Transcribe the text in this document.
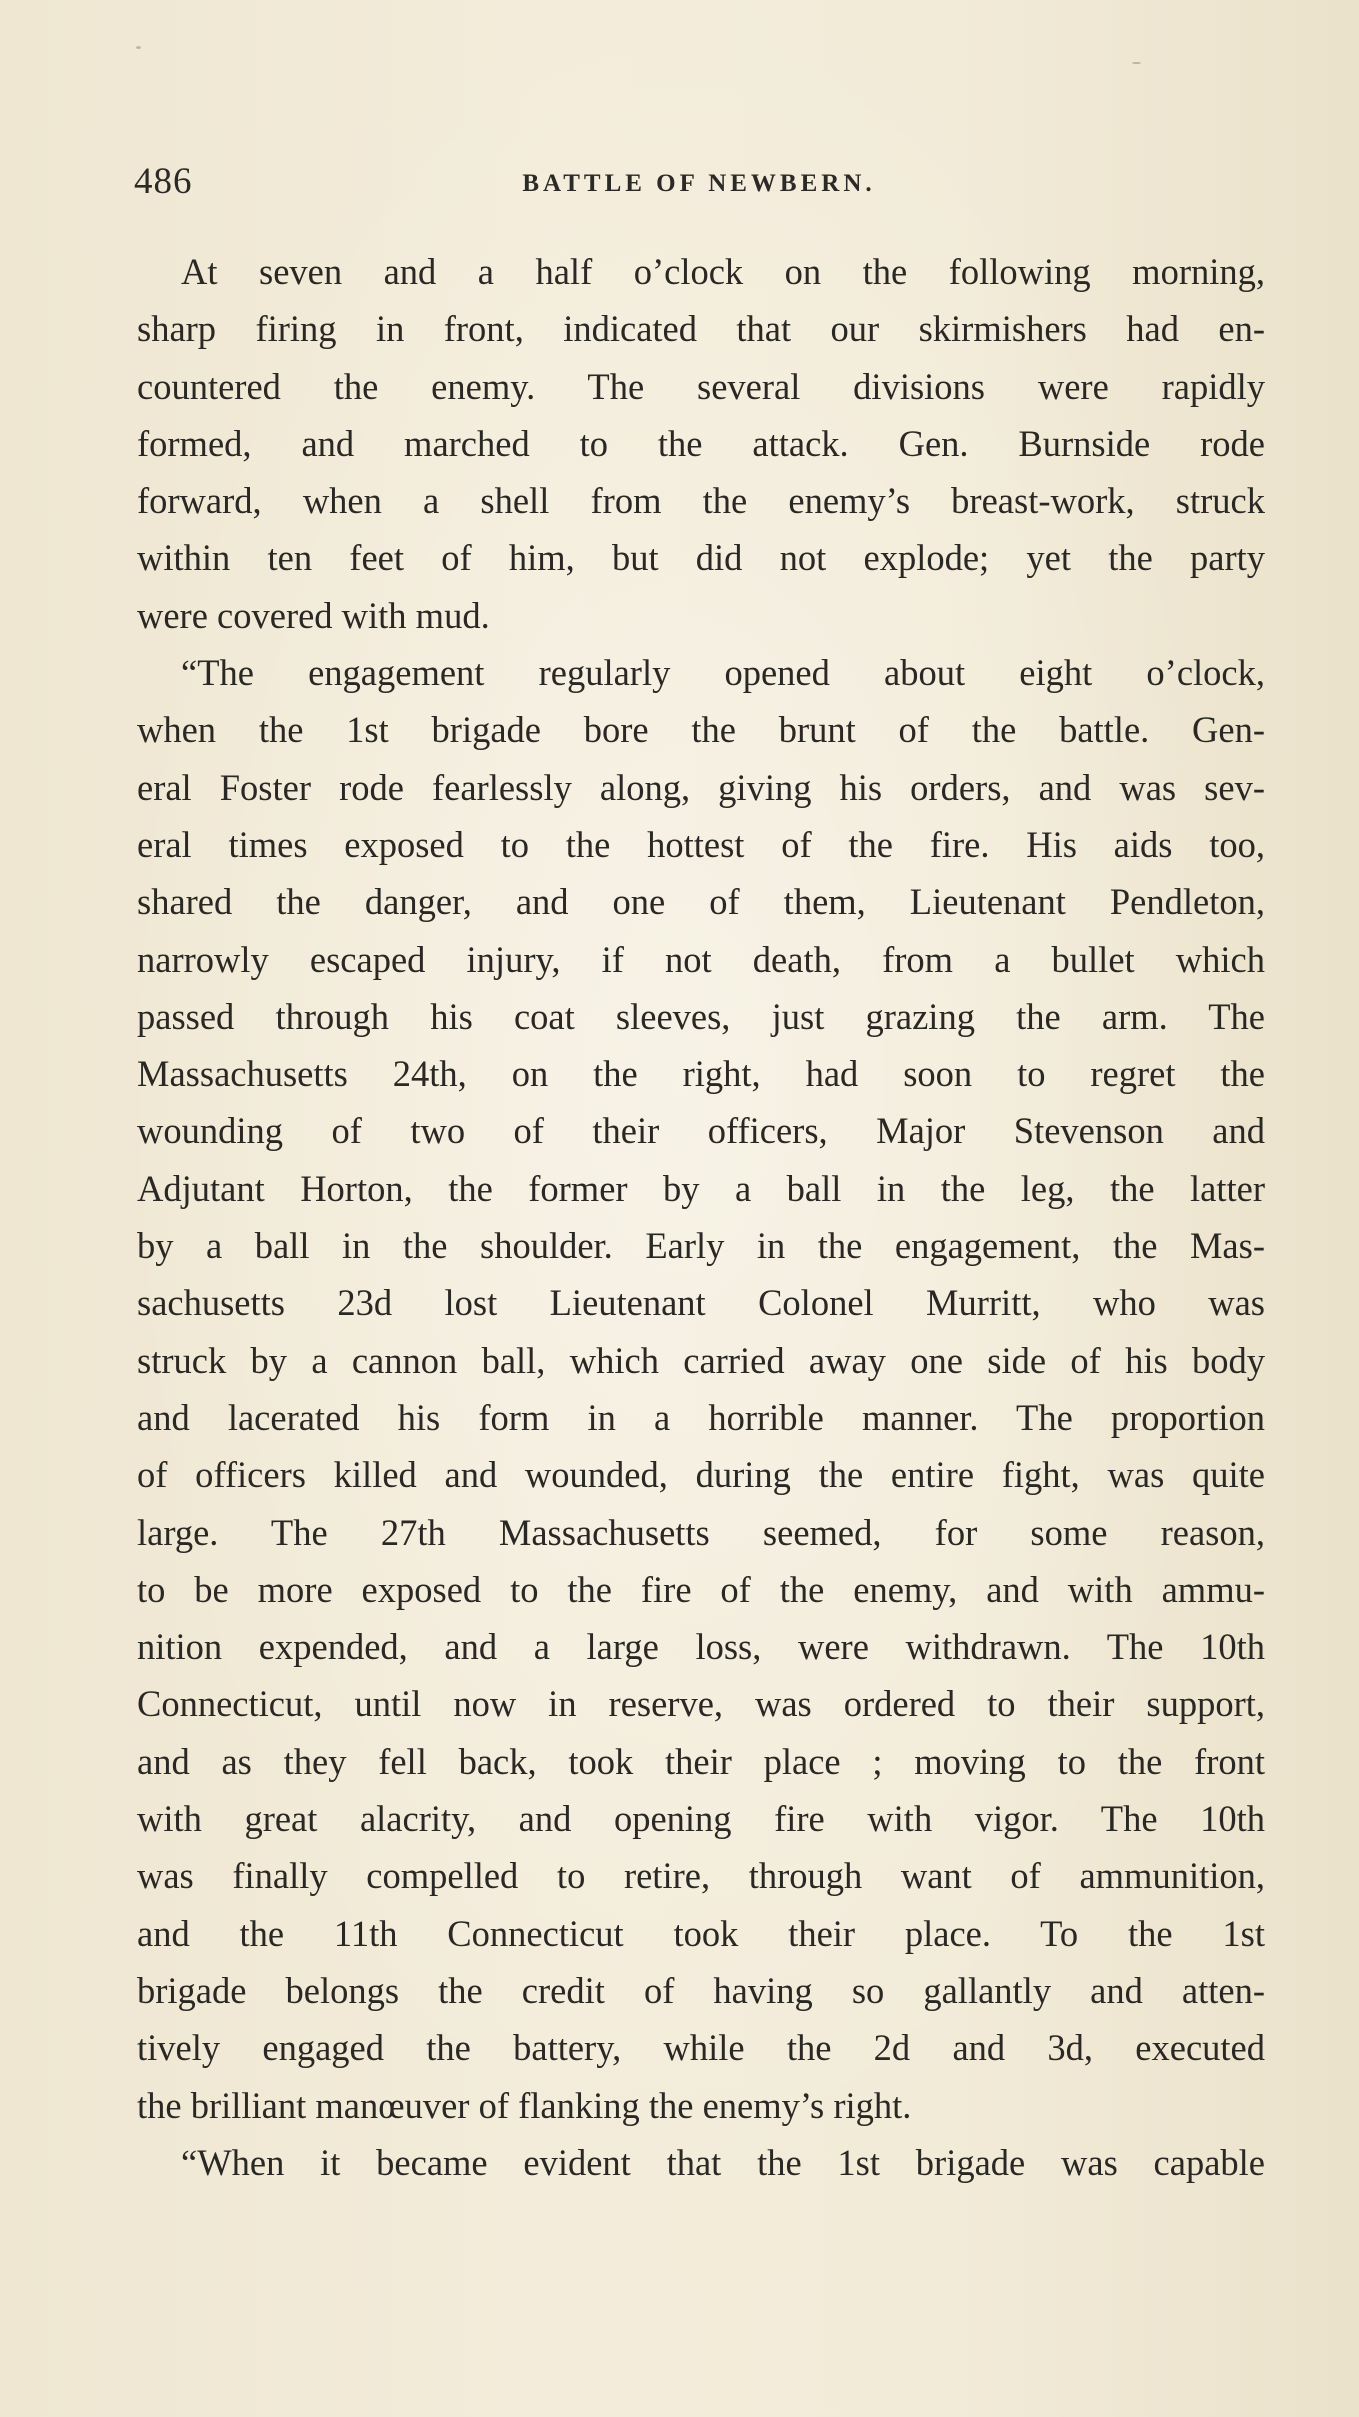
486	BATTLE OF NEWBERN.
At seven and a half o’clock on the following morning,
sharp firing in front, indicated that our skirmishers had en-
countered the enemy. The several divisions were rapidly
formed, and marched to the attack. Gen. Burnside rode
forward, when a shell from the enemy’s breast-work, struck
within ten feet of him, but did not explode; yet the party
were covered with mud.
“The engagement regularly opened about eight o’clock,
when the 1st brigade bore the brunt of the battle. Gen-
eral Foster rode fearlessly along, giving his orders, and was sev-
eral times exposed to the hottest of the fire. His aids too,
shared the danger, and one of them, Lieutenant Pendleton,
narrowly escaped injury, if not death, from a bullet which
passed through his coat sleeves, just grazing the arm. The
Massachusetts 24th, on the right, had soon to regret the
wounding of two of their officers, Major Stevenson and
Adjutant Horton, the former by a ball in the leg, the latter
by a ball in the shoulder. Early in the engagement, the Mas-
sachusetts 23d lost Lieutenant Colonel Murritt, who was
struck by a cannon ball, which carried away one side of his body
and lacerated his form in a horrible manner. The proportion
of officers killed and wounded, during the entire fight, was quite
large. The 27th Massachusetts seemed, for some reason,
to be more exposed to the fire of the enemy, and with ammu-
nition expended, and a large loss, were withdrawn. The 10th
Connecticut, until now in reserve, was ordered to their support,
and as they fell back, took their place ; moving to the front
with great alacrity, and opening fire with vigor. The 10th
was finally compelled to retire, through want of ammunition,
and the 11th Connecticut took their place. To the 1st
brigade belongs the credit of having so gallantly and atten-
tively engaged the battery, while the 2d and 3d, executed
the brilliant manœuver of flanking the enemy’s right.
“When it became evident that the 1st brigade was capable
